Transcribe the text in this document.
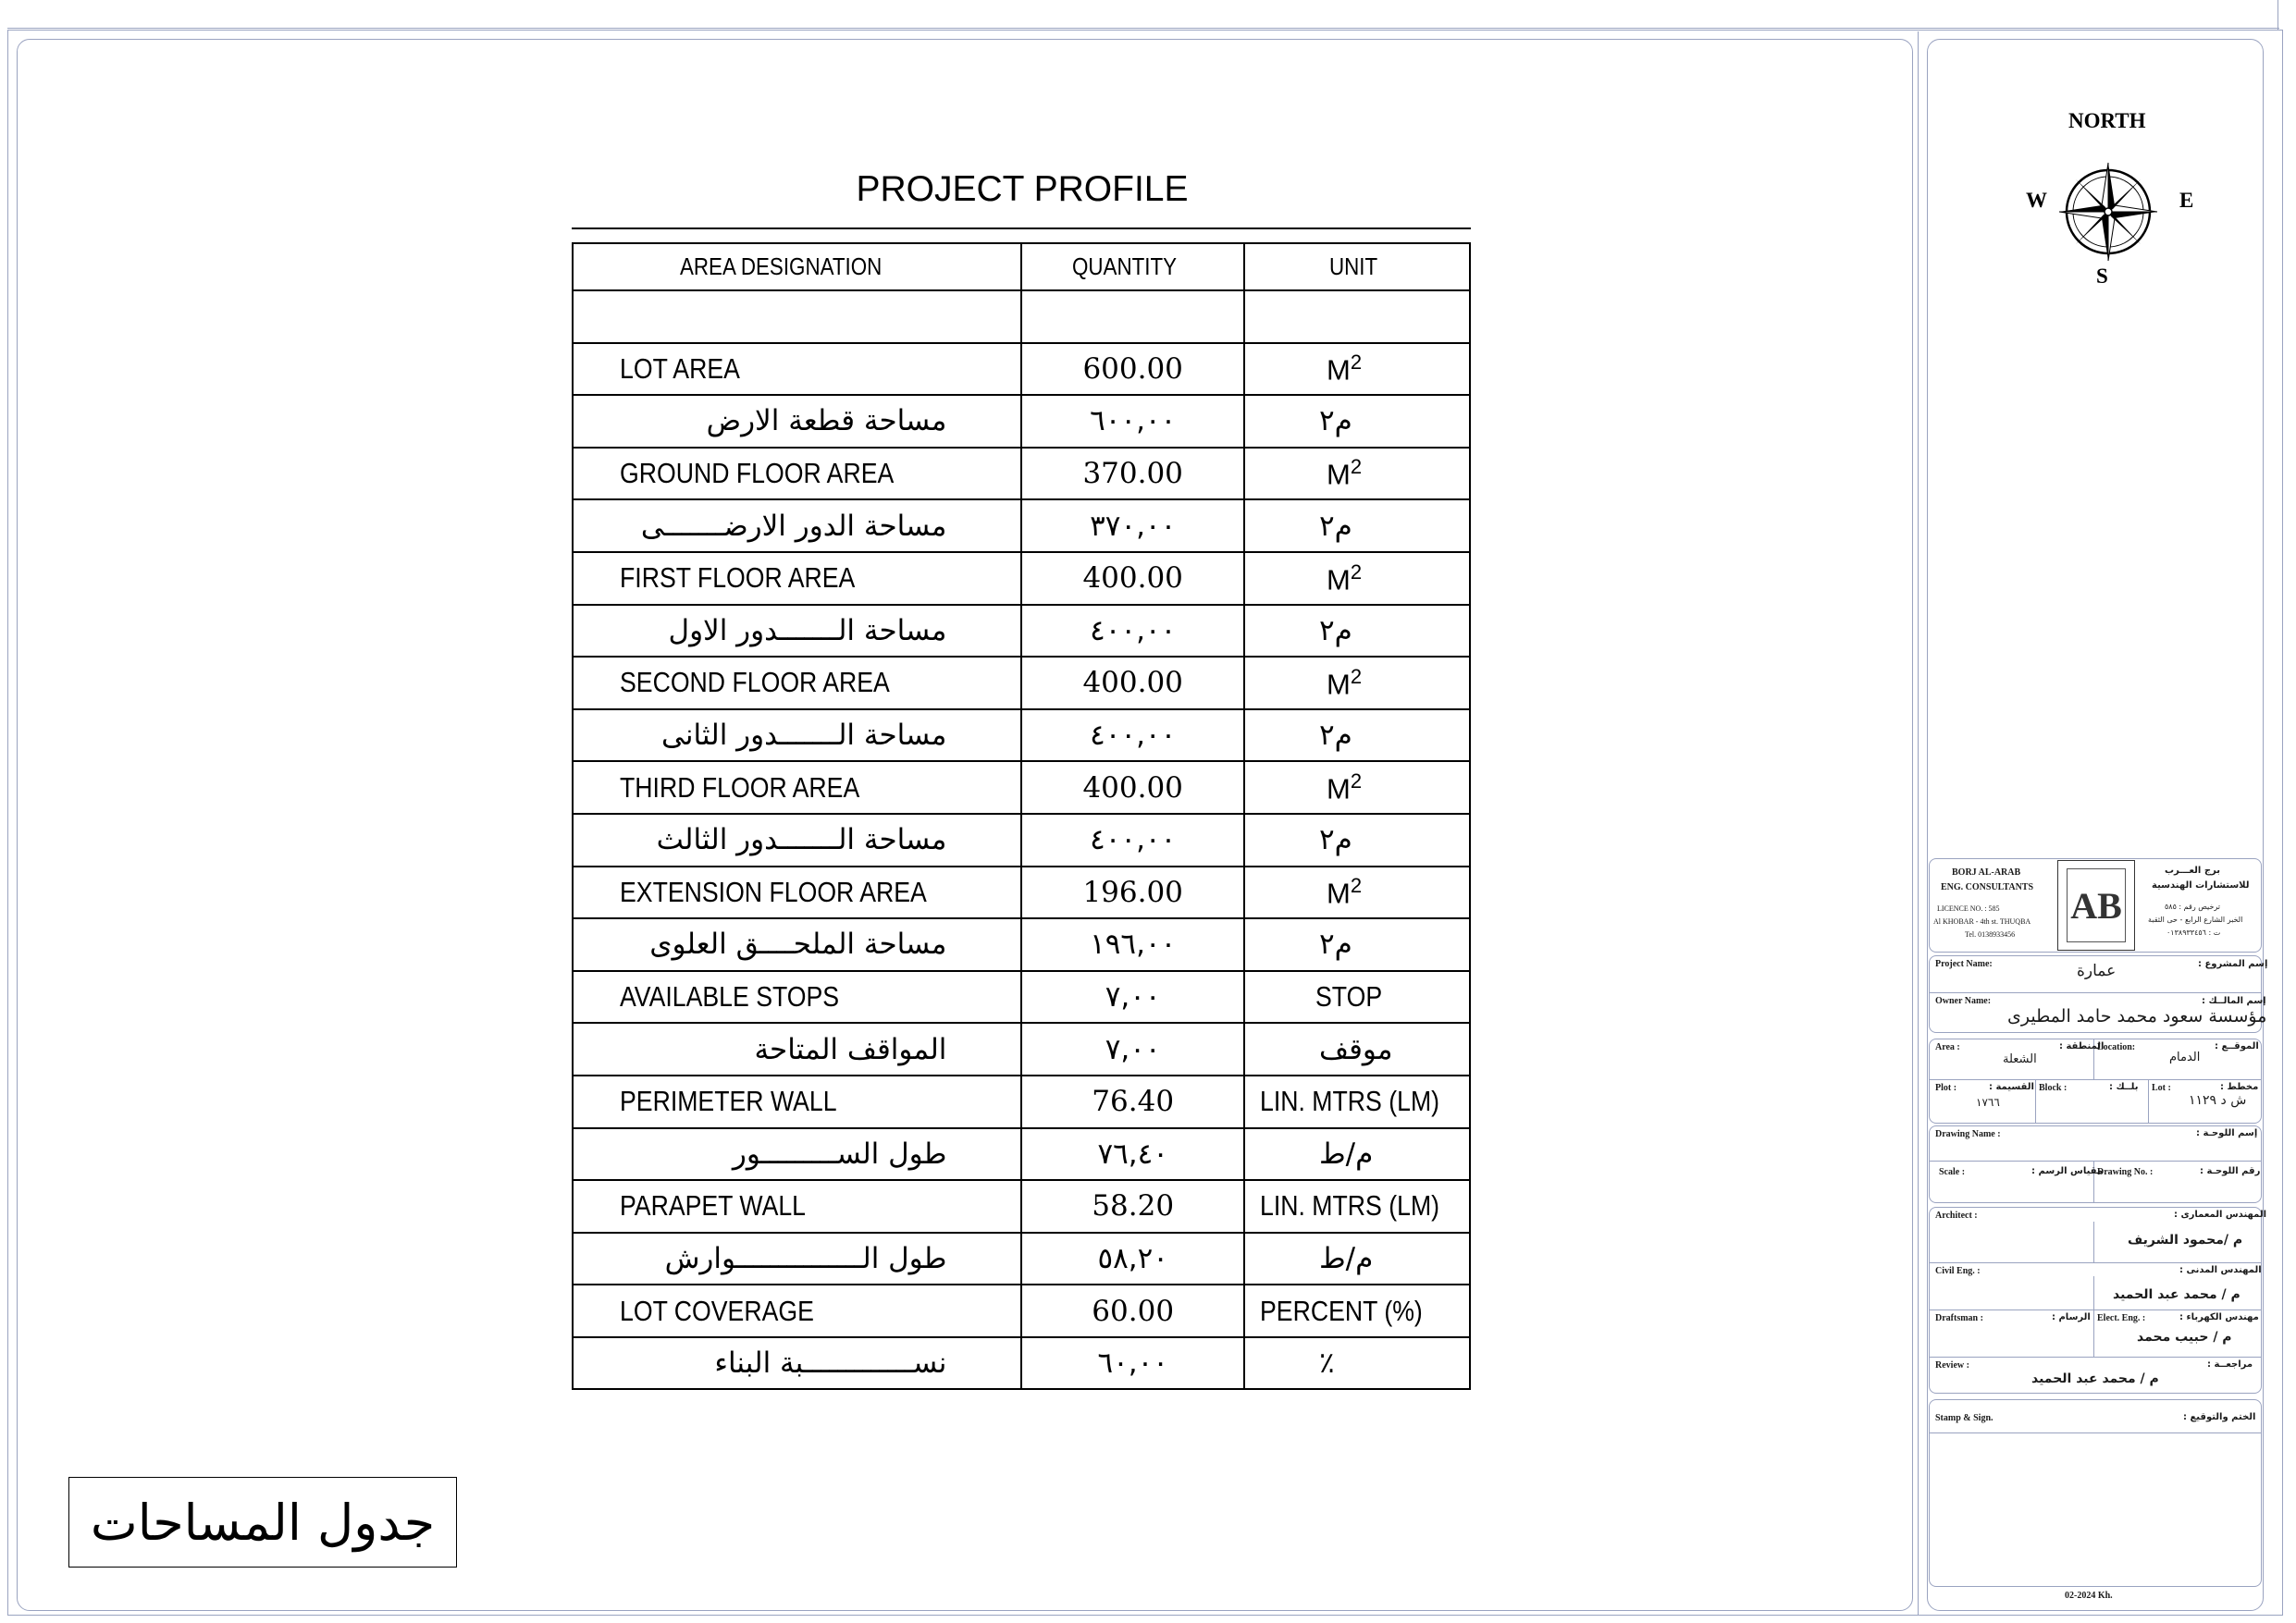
PROJECT PROFILE
AREA DESIGNATION	QUANTITY	UNIT

LOT AREA	600.00	$M^2$
مساحة قطعة الارض	٦٠٠,٠٠	م٢
GROUND FLOOR AREA	370.00	$M^2$
مساحة الدور الارضـــــــى	٣٧٠,٠٠	م٢
FIRST FLOOR AREA	400.00	$M^2$
مساحة الـــــــدور الاول	٤٠٠,٠٠	م٢
SECOND FLOOR AREA	400.00	$M^2$
مساحة الـــــــدور الثانى	٤٠٠,٠٠	م٢
THIRD FLOOR AREA	400.00	$M^2$
مساحة الـــــــدور الثالث	٤٠٠,٠٠	م٢
EXTENSION FLOOR AREA	196.00	$M^2$
مساحة الملحــــق العلوى	١٩٦,٠٠	م٢
AVAILABLE STOPS	٧,٠٠	STOP
المواقف المتاحة	٧,٠٠	موقف
PERIMETER WALL	76.40	LIN. MTRS (LM)
طول الســـــــــور	٧٦,٤٠	م/ط
PARAPET WALL	58.20	LIN. MTRS (LM)
طول الـــــــــــــــوارش	٥٨,٢٠	م/ط
LOT COVERAGE	60.00	PERCENT (%)
نســـــــــــــبة البناء	٦٠,٠٠	٪
جدول المساحات
NORTH
W	E
S
BORJ AL-ARAB
ENG. CONSULTANTS
برج العـــرب
للاستشارات الهندسية
LICENCE NO. : 585
Al KHOBAR - 4th st. THUQBA
Tel. 0138933456
ترخيص رقم : ٥٨٥
الخبر الشارع الرابع - حى الثقبة
ت : ٠١٣٨٩٣٣٤٥٦
AB
Project Name:	إسم المشروع :
عمارة
Owner Name:	إسم المالــك :
مؤسسة سعود محمد حامد المطيرى
Area :	المنطقة :
الشعلة
Location:	الموقــع :
الدمام
Plot :	القسيمة :
١٧٦٦
Block :	بلــك : Lot :	مخطط :
ش د ١١٢٩
Drawing Name :	إسم اللوحـة :
Scale :	مقياس الرسم :
Drawing No. :	رقم اللوحـة :
Architect :	المهندس المعمارى :
م /محمود الشريف
Civil Eng. :	المهندس المدنى :
م / محمد عبد الحميد
Draftsman :	الرسام : Elect. Eng. :	مهندس الكهرباء :
م / حبيب محمد
Review :	مراجعــة :
م / محمد عبد الحميد
Stamp & Sign.	الختم والتوقيع :
02-2024 Kh.
